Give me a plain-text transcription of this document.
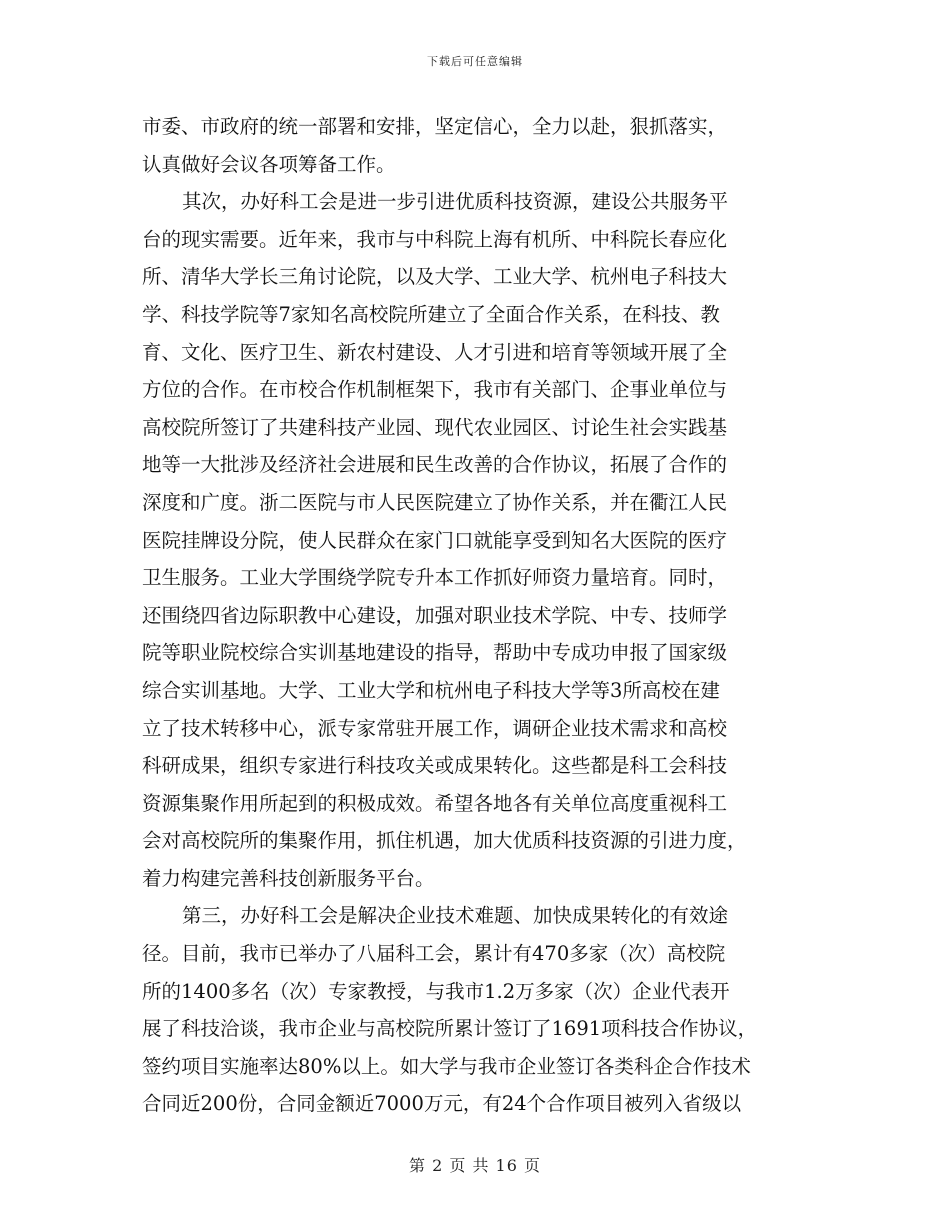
下载后可任意编辑
市委、市政府的统一部署和安排，坚定信心，全力以赴，狠抓落实，
认真做好会议各项筹备工作。
其次，办好科工会是进一步引进优质科技资源，建设公共服务平
台的现实需要。近年来，我市与中科院上海有机所、中科院长春应化
所、清华大学长三角讨论院，以及大学、工业大学、杭州电子科技大
学、科技学院等7家知名高校院所建立了全面合作关系，在科技、教
育、文化、医疗卫生、新农村建设、人才引进和培育等领域开展了全
方位的合作。在市校合作机制框架下，我市有关部门、企事业单位与
高校院所签订了共建科技产业园、现代农业园区、讨论生社会实践基
地等一大批涉及经济社会进展和民生改善的合作协议，拓展了合作的
深度和广度。浙二医院与市人民医院建立了协作关系，并在衢江人民
医院挂牌设分院，使人民群众在家门口就能享受到知名大医院的医疗
卫生服务。工业大学围绕学院专升本工作抓好师资力量培育。同时，
还围绕四省边际职教中心建设，加强对职业技术学院、中专、技师学
院等职业院校综合实训基地建设的指导，帮助中专成功申报了国家级
综合实训基地。大学、工业大学和杭州电子科技大学等3所高校在建
立了技术转移中心，派专家常驻开展工作，调研企业技术需求和高校
科研成果，组织专家进行科技攻关或成果转化。这些都是科工会科技
资源集聚作用所起到的积极成效。希望各地各有关单位高度重视科工
会对高校院所的集聚作用，抓住机遇，加大优质科技资源的引进力度，
着力构建完善科技创新服务平台。
第三，办好科工会是解决企业技术难题、加快成果转化的有效途
径。目前，我市已举办了八届科工会，累计有470多家（次）高校院
所的1400多名（次）专家教授，与我市1.2万多家（次）企业代表开
展了科技洽谈，我市企业与高校院所累计签订了1691项科技合作协议，
签约项目实施率达80%以上。如大学与我市企业签订各类科企合作技术
合同近200份，合同金额近7000万元，有24个合作项目被列入省级以
第 2 页 共 16 页
